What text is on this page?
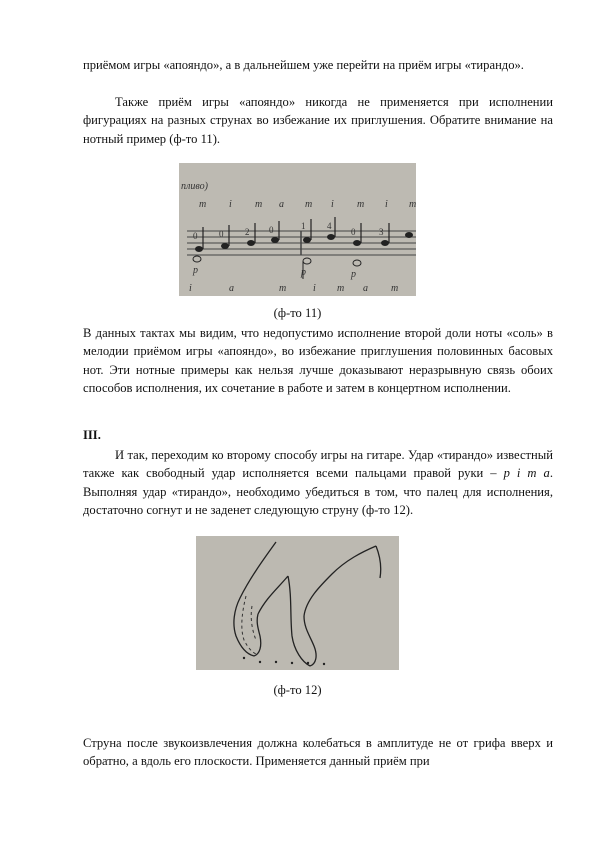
приёмом игры «апояндо», а в дальнейшем уже перейти на приём игры «тирандо».

Также приём игры «апояндо» никогда не применяется при исполнении фигурациях на разных струнах во избежание их приглушения. Обратите внимание на нотный пример (ф-то 11).

пливо)
m i m a m i m i m
0 0 2 0	1 4
0	3
p	p	p
i	a	m	i m a m
(ф-то 11)

В данных тактах мы видим, что недопустимо исполнение второй доли ноты «соль» в мелодии приёмом игры «апояндо», во избежание приглушения половинных басовых нот. Эти нотные примеры как нельзя лучше доказывают неразрывную связь обоих способов исполнения, их сочетание в работе и затем в концертном исполнении.

III.

И так, переходим ко второму способу игры на гитаре. Удар «тирандо» известный также как свободный удар исполняется всеми пальцами правой руки – p i m a. Выполняя удар «тирандо», необходимо убедиться в том, что палец для исполнения, достаточно согнут и не заденет следующую струну (ф-то 12).

(ф-то 12)

Струна после звукоизвлечения должна колебаться в амплитуде не от грифа вверх и обратно, а вдоль его плоскости. Применяется данный приём при
